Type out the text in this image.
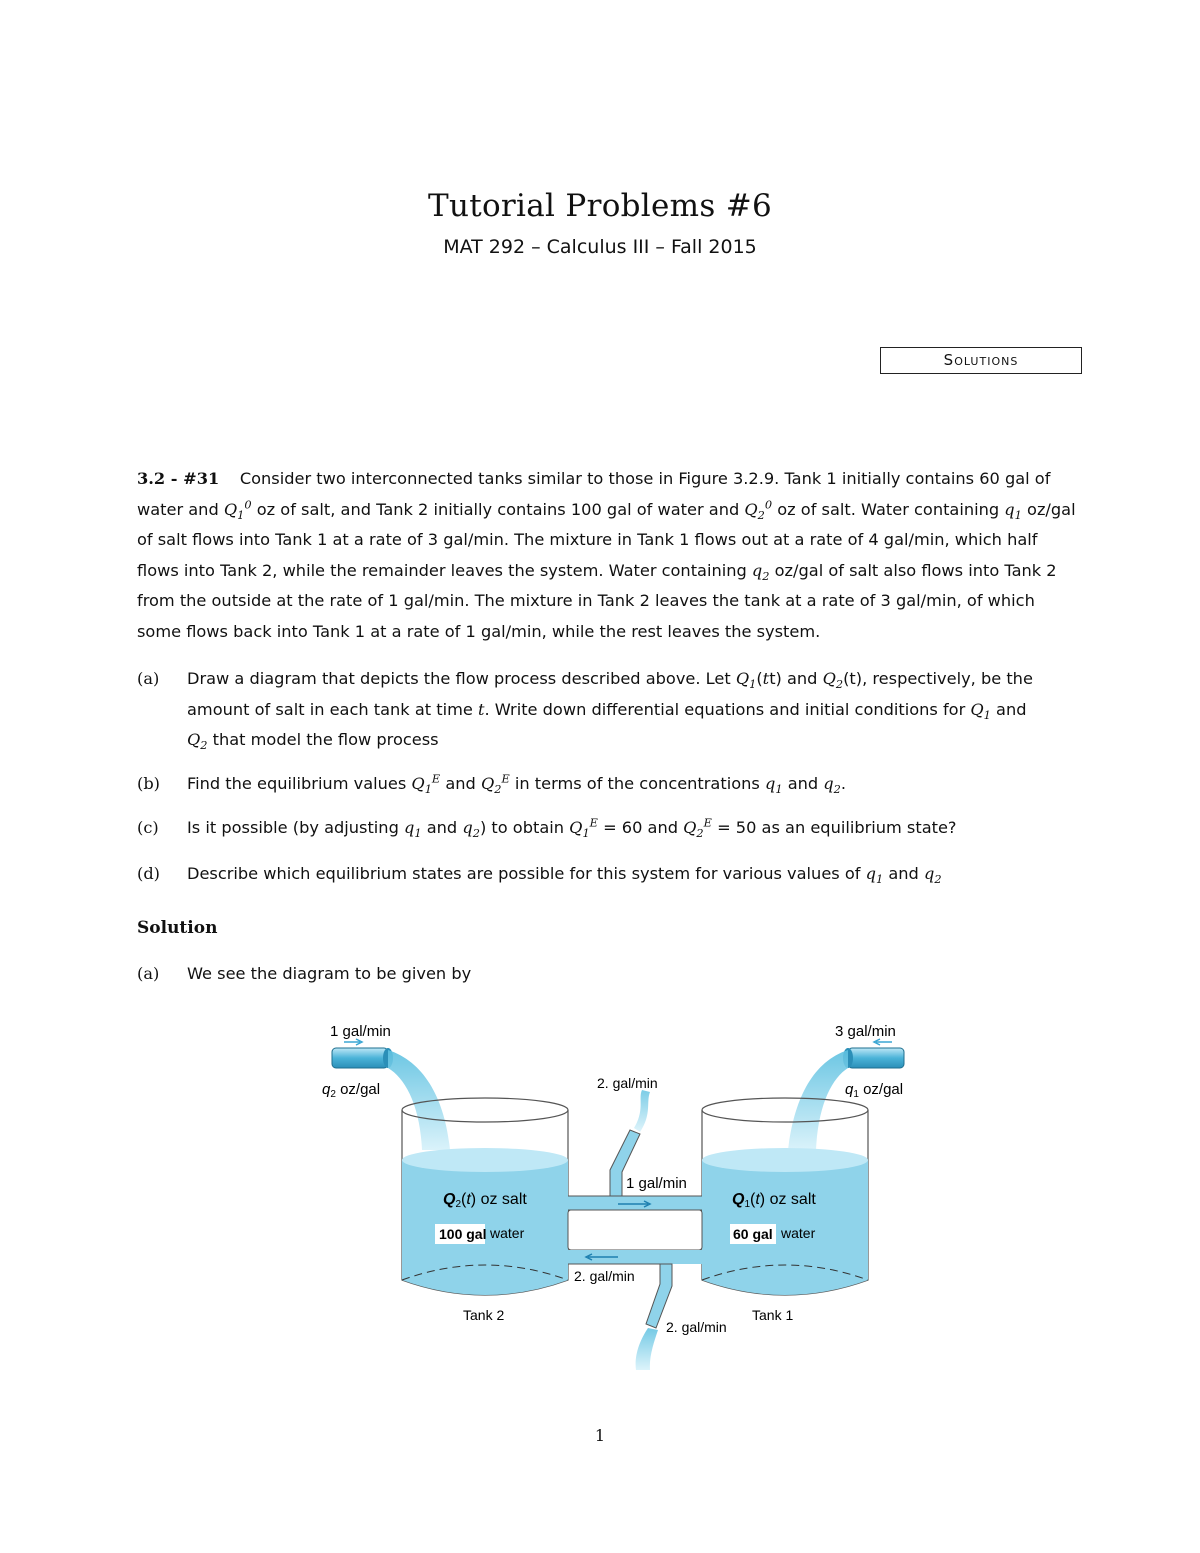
Tutorial Problems #6
MAT 292 – Calculus III – Fall 2015
Solutions
3.2 - #31 Consider two interconnected tanks similar to those in Figure 3.2.9. Tank 1 initially contains 60 gal of water and $Q_1^0$ oz of salt, and Tank 2 initially contains 100 gal of water and $Q_2^0$ oz of salt. Water containing $q_1$ oz/gal of salt flows into Tank 1 at a rate of 3 gal/min. The mixture in Tank 1 flows out at a rate of 4 gal/min, which half flows into Tank 2, while the remainder leaves the system. Water containing $q_2$ oz/gal of salt also flows into Tank 2 from the outside at the rate of 1 gal/min. The mixture in Tank 2 leaves the tank at a rate of 3 gal/min, of which some flows back into Tank 1 at a rate of 1 gal/min, while the rest leaves the system.
(a) Draw a diagram that depicts the flow process described above. Let $Q_1(tt)$ and $Q_2(t)$, respectively, be the amount of salt in each tank at time t. Write down differential equations and initial conditions for $Q_1$ and
$Q_2$ that model the flow process
(b) Find the equilibrium values $Q_1^E$ and $Q_2^E$ in terms of the concentrations $q_1$ and $q_2$.
(c) Is it possible (by adjusting $q_1$ and $q_2$) to obtain $Q_1^E = 60$ and $Q_2^E = 50$ as an equilibrium state?
(d) Describe which equilibrium states are possible for this system for various values of $q_1$ and $q_2$
Solution
(a) We see the diagram to be given by
1 gal/min
$q_2$ oz/gal
3 gal/min
$q_1$ oz/gal
Q2(t) oz salt
100 gal water
Tank 2
Q1(t) oz salt
60 gal water
Tank 1
1 gal/min
2. gal/min
2. gal/min
2. gal/min
1
